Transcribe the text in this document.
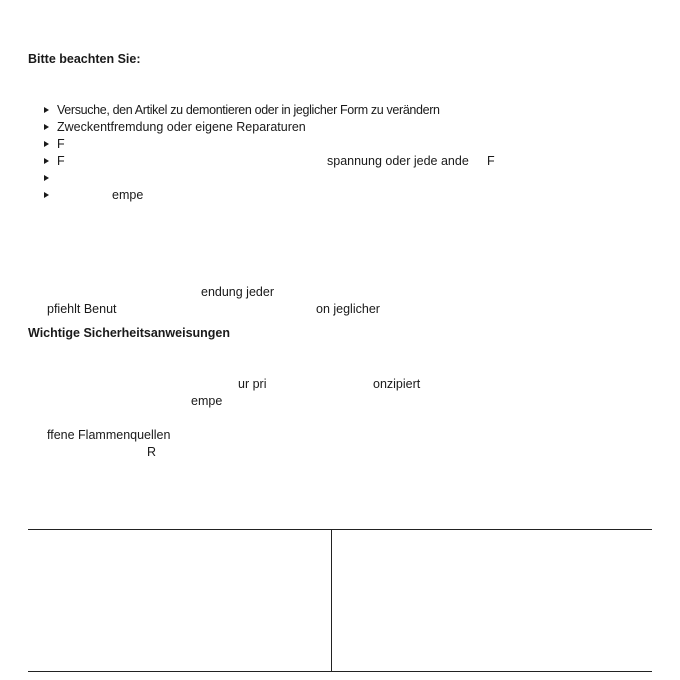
Bitte beachten Sie:
Versuche, den Artikel zu demontieren oder in jeglicher Form zu verändern
Zweckentfremdung oder eigene Reparaturen
F
F	spannung oder jede ande F
empe
endung jeder
pfiehlt Benut	on jeglicher
Wichtige Sicherheitsanweisungen
ur pri	onzipiert
empe
ffene Flammenquellen
R
